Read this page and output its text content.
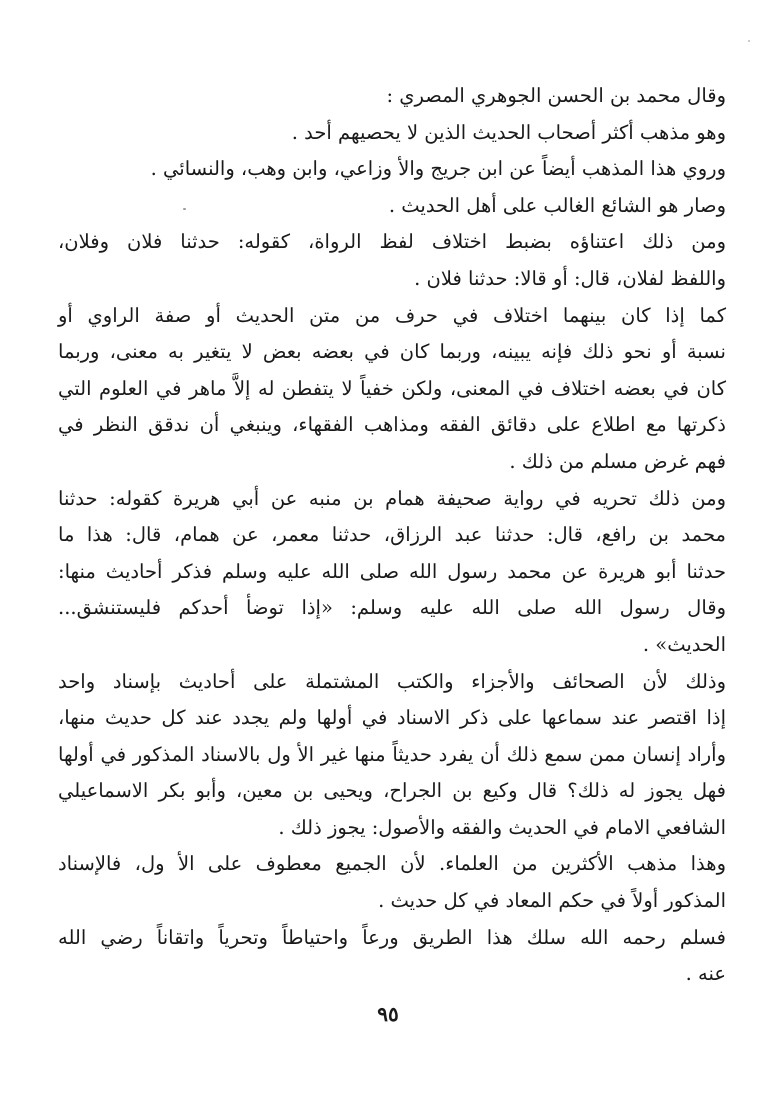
وقال محمد بن الحسن الجوهري المصري :
وهو مذهب أكثر أصحاب الحديث الذين لا يحصيهم أحد .
وروي هذا المذهب أيضاً عن ابن جريج والأ وزاعي، وابن وهب، والنسائي .
وصار هو الشائع الغالب على أهل الحديث .
ومن ذلك اعتناؤه بضبط اختلاف لفظ الرواة، كقوله: حدثنا فلان وفلان،
واللفظ لفلان، قال: أو قالا: حدثنا فلان .
كما إذا كان بينهما اختلاف في حرف من متن الحديث أو صفة الراوي أو
نسبة أو نحو ذلك فإنه يبينه، وربما كان في بعضه بعض لا يتغير به معنى، وربما
كان في بعضه اختلاف في المعنى، ولكن خفياً لا يتفطن له إلاَّ ماهر في العلوم التي
ذكرتها مع اطلاع على دقائق الفقه ومذاهب الفقهاء، وينبغي أن ندقق النظر في
فهم غرض مسلم من ذلك .
ومن ذلك تحريه في رواية صحيفة همام بن منبه عن أبي هريرة كقوله: حدثنا
محمد بن رافع، قال: حدثنا عبد الرزاق، حدثنا معمر، عن همام، قال: هذا ما
حدثنا أبو هريرة عن محمد رسول الله صلى الله عليه وسلم فذكر أحاديث منها:
وقال رسول الله صلى الله عليه وسلم: «إذا توضأ أحدكم فليستنشق...
الحديث» .
وذلك لأن الصحائف والأجزاء والكتب المشتملة على أحاديث بإسناد واحد
إذا اقتصر عند سماعها على ذكر الاسناد في أولها ولم يجدد عند كل حديث منها،
وأراد إنسان ممن سمع ذلك أن يفرد حديثاً منها غير الأ ول بالاسناد المذكور في أولها
فهل يجوز له ذلك؟ قال وكيع بن الجراح، ويحيى بن معين، وأبو بكر الاسماعيلي
الشافعي الامام في الحديث والفقه والأصول: يجوز ذلك .
وهذا مذهب الأكثرين من العلماء. لأن الجميع معطوف على الأ ول، فالإسناد
المذكور أولاً في حكم المعاد في كل حديث .
فسلم رحمه الله سلك هذا الطريق ورعاً واحتياطاً وتحرياً واتقاناً رضي الله
عنه .
٩٥
